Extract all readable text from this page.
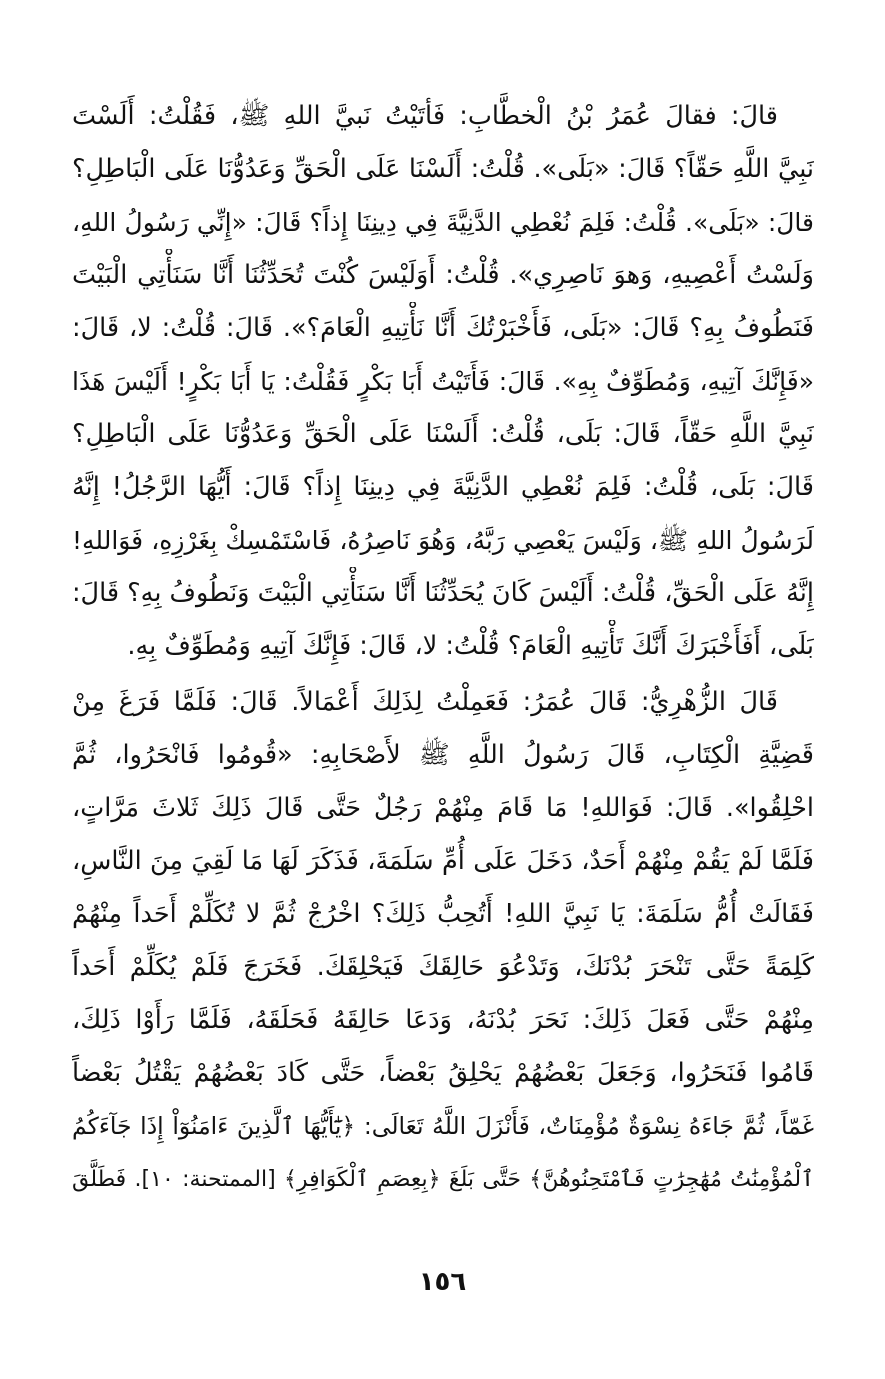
قالَ: فقالَ عُمَرُ بْنُ الْخطَّابِ: فَأتَيْتُ نَبيَّ اللهِ ﷺ، فَقُلْتُ: أَلَسْتَ
نَبِيَّ اللَّهِ حَقّاً؟ قَالَ: «بَلَى». قُلْتُ: أَلَسْنَا عَلَى الْحَقِّ وَعَدُوُّنَا عَلَى الْبَاطِلِ؟
قالَ: «بَلَى». قُلْتُ: فَلِمَ نُعْطِي الدَّنِيَّةَ فِي دِينِنَا إِذاً؟ قَالَ: «إِنِّي رَسُولُ اللهِ،
وَلَسْتُ أَعْصِيهِ، وَهوَ نَاصِرِي». قُلْتُ: أَوَلَيْسَ كُنْتَ تُحَدِّثُنَا أَنَّا سَنَأْتِي الْبَيْتَ
فَنَطُوفُ بِهِ؟ قَالَ: «بَلَى، فَأَخْبَرْتُكَ أَنَّا نَأْتِيهِ الْعَامَ؟». قَالَ: قُلْتُ: لا، قَالَ:
«فَإِنَّكَ آتِيهِ، وَمُطَوِّفٌ بِهِ». قَالَ: فَأَتَيْتُ أَبَا بَكْرٍ فَقُلْتُ: يَا أَبَا بَكْرٍ! أَلَيْسَ هَذَا
نَبِيَّ اللَّهِ حَقّاً، قَالَ: بَلَى، قُلْتُ: أَلَسْنَا عَلَى الْحَقِّ وَعَدُوُّنَا عَلَى الْبَاطِلِ؟
قَالَ: بَلَى، قُلْتُ: فَلِمَ نُعْطِي الدَّنِيَّةَ فِي دِينِنَا إِذاً؟ قَالَ: أَيُّهَا الرَّجُلُ! إِنَّهُ
لَرَسُولُ اللهِ ﷺ، وَلَيْسَ يَعْصِي رَبَّهُ، وَهُوَ نَاصِرُهُ، فَاسْتَمْسِكْ بِغَرْزِهِ، فَوَاللهِ!
إِنَّهُ عَلَى الْحَقِّ، قُلْتُ: أَلَيْسَ كَانَ يُحَدِّثُنَا أَنَّا سَنَأْتِي الْبَيْتَ وَنَطُوفُ بِهِ؟ قَالَ:
بَلَى، أَفَأَخْبَرَكَ أَنَّكَ تَأْتِيهِ الْعَامَ؟ قُلْتُ: لا، قَالَ: فَإِنَّكَ آتِيهِ وَمُطَوِّفٌ بِهِ.
قَالَ الزُّهْرِيُّ: قَالَ عُمَرُ: فَعَمِلْتُ لِذَلِكَ أَعْمَالاً. قَالَ: فَلَمَّا فَرَغَ مِنْ
قَضِيَّةِ الْكِتَابِ، قَالَ رَسُولُ اللَّهِ ﷺ لأَصْحَابِهِ: «قُومُوا فَانْحَرُوا، ثُمَّ
احْلِقُوا». قَالَ: فَوَاللهِ! مَا قَامَ مِنْهُمْ رَجُلٌ حَتَّى قَالَ ذَلِكَ ثَلاثَ مَرَّاتٍ،
فَلَمَّا لَمْ يَقُمْ مِنْهُمْ أَحَدٌ، دَخَلَ عَلَى أُمِّ سَلَمَةَ، فَذَكَرَ لَهَا مَا لَقِيَ مِنَ النَّاسِ،
فَقَالَتْ أُمُّ سَلَمَةَ: يَا نَبِيَّ اللهِ! أَتُحِبُّ ذَلِكَ؟ اخْرُجْ ثُمَّ لا تُكَلِّمْ أَحَداً مِنْهُمْ
كَلِمَةً حَتَّى تَنْحَرَ بُدْنَكَ، وَتَدْعُوَ حَالِقَكَ فَيَحْلِقَكَ. فَخَرَجَ فَلَمْ يُكَلِّمْ أَحَداً
مِنْهُمْ حَتَّى فَعَلَ ذَلِكَ: نَحَرَ بُدْنَهُ، وَدَعَا حَالِقَهُ فَحَلَقَهُ، فَلَمَّا رَأَوْا ذَلِكَ،
قَامُوا فَنَحَرُوا، وَجَعَلَ بَعْضُهُمْ يَحْلِقُ بَعْضاً، حَتَّى كَادَ بَعْضُهُمْ يَقْتُلُ بَعْضاً
غَمّاً، ثُمَّ جَاءَهُ نِسْوَةٌ مُؤْمِنَاتٌ، فَأَنْزَلَ اللَّهُ تَعَالَى: ﴿يَٰٓأَيُّهَا ٱلَّذِينَ ءَامَنُوٓاْ إِذَا جَآءَكُمُ
ٱلْمُؤْمِنَٰتُ مُهَٰجِرَٰتٍ فَٱمْتَحِنُوهُنَّ﴾ حَتَّى بَلَغَ ﴿بِعِصَمِ ٱلْكَوَافِرِ﴾ [الممتحنة: ١٠]. فَطَلَّقَ
١٥٦
